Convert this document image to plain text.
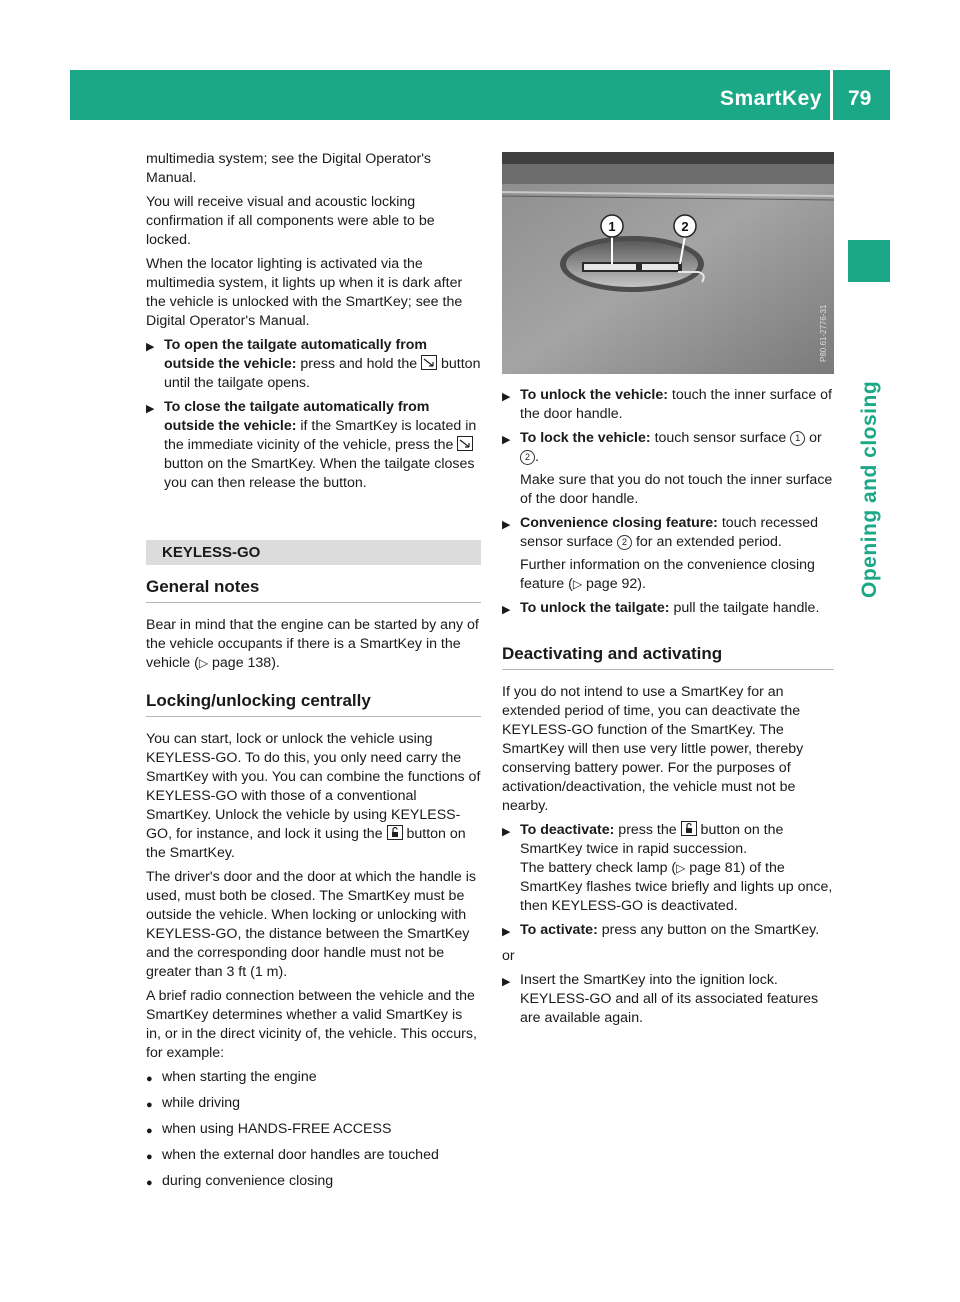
SmartKey 79
Opening and closing

multimedia system; see the Digital Operator's Manual.

You will receive visual and acoustic locking confirmation if all components were able to be locked.

When the locator lighting is activated via the multimedia system, it lights up when it is dark after the vehicle is unlocked with the SmartKey; see the Digital Operator's Manual.

▶ To open the tailgate automatically from outside the vehicle: press and hold the  button until the tailgate opens.
▶ To close the tailgate automatically from outside the vehicle: if the SmartKey is located in the immediate vicinity of the vehicle, press the  button on the SmartKey. When the tailgate closes you can then release the button.
KEYLESS-GO
General notes

Bear in mind that the engine can be started by any of the vehicle occupants if there is a SmartKey in the vehicle (▷ page 138).

Locking/unlocking centrally

You can start, lock or unlock the vehicle using KEYLESS-GO. To do this, you only need carry the SmartKey with you. You can combine the functions of KEYLESS-GO with those of a conventional SmartKey. Unlock the vehicle by using KEYLESS-GO, for instance, and lock it using the  button on the SmartKey.

The driver's door and the door at which the handle is used, must both be closed. The SmartKey must be outside the vehicle. When locking or unlocking with KEYLESS-GO, the distance between the SmartKey and the corresponding door handle must not be greater than 3 ft (1 m).

A brief radio connection between the vehicle and the SmartKey determines whether a valid SmartKey is in, or in the direct vicinity of, the vehicle. This occurs, for example:

● when starting the engine
● while driving
● when using HANDS-FREE ACCESS
● when the external door handles are touched
● during convenience closing
1	2
P80.61-2776-31
▶ To unlock the vehicle: touch the inner surface of the door handle.
▶ To lock the vehicle: touch sensor surface 1 or 2 .
Make sure that you do not touch the inner surface of the door handle.
▶ Convenience closing feature: touch recessed sensor surface 2 for an extended period.
Further information on the convenience closing feature (▷ page 92).
▶ To unlock the tailgate: pull the tailgate handle.
Deactivating and activating

If you do not intend to use a SmartKey for an extended period of time, you can deactivate the KEYLESS-GO function of the SmartKey. The SmartKey will then use very little power, thereby conserving battery power. For the purposes of activation/deactivation, the vehicle must not be nearby.

▶ To deactivate: press the  button on the SmartKey twice in rapid succession.
The battery check lamp (▷ page 81) of the SmartKey flashes twice briefly and lights up once, then KEYLESS-GO is deactivated.
▶ To activate: press any button on the SmartKey.

or

▶ Insert the SmartKey into the ignition lock.
KEYLESS-GO and all of its associated features are available again.
